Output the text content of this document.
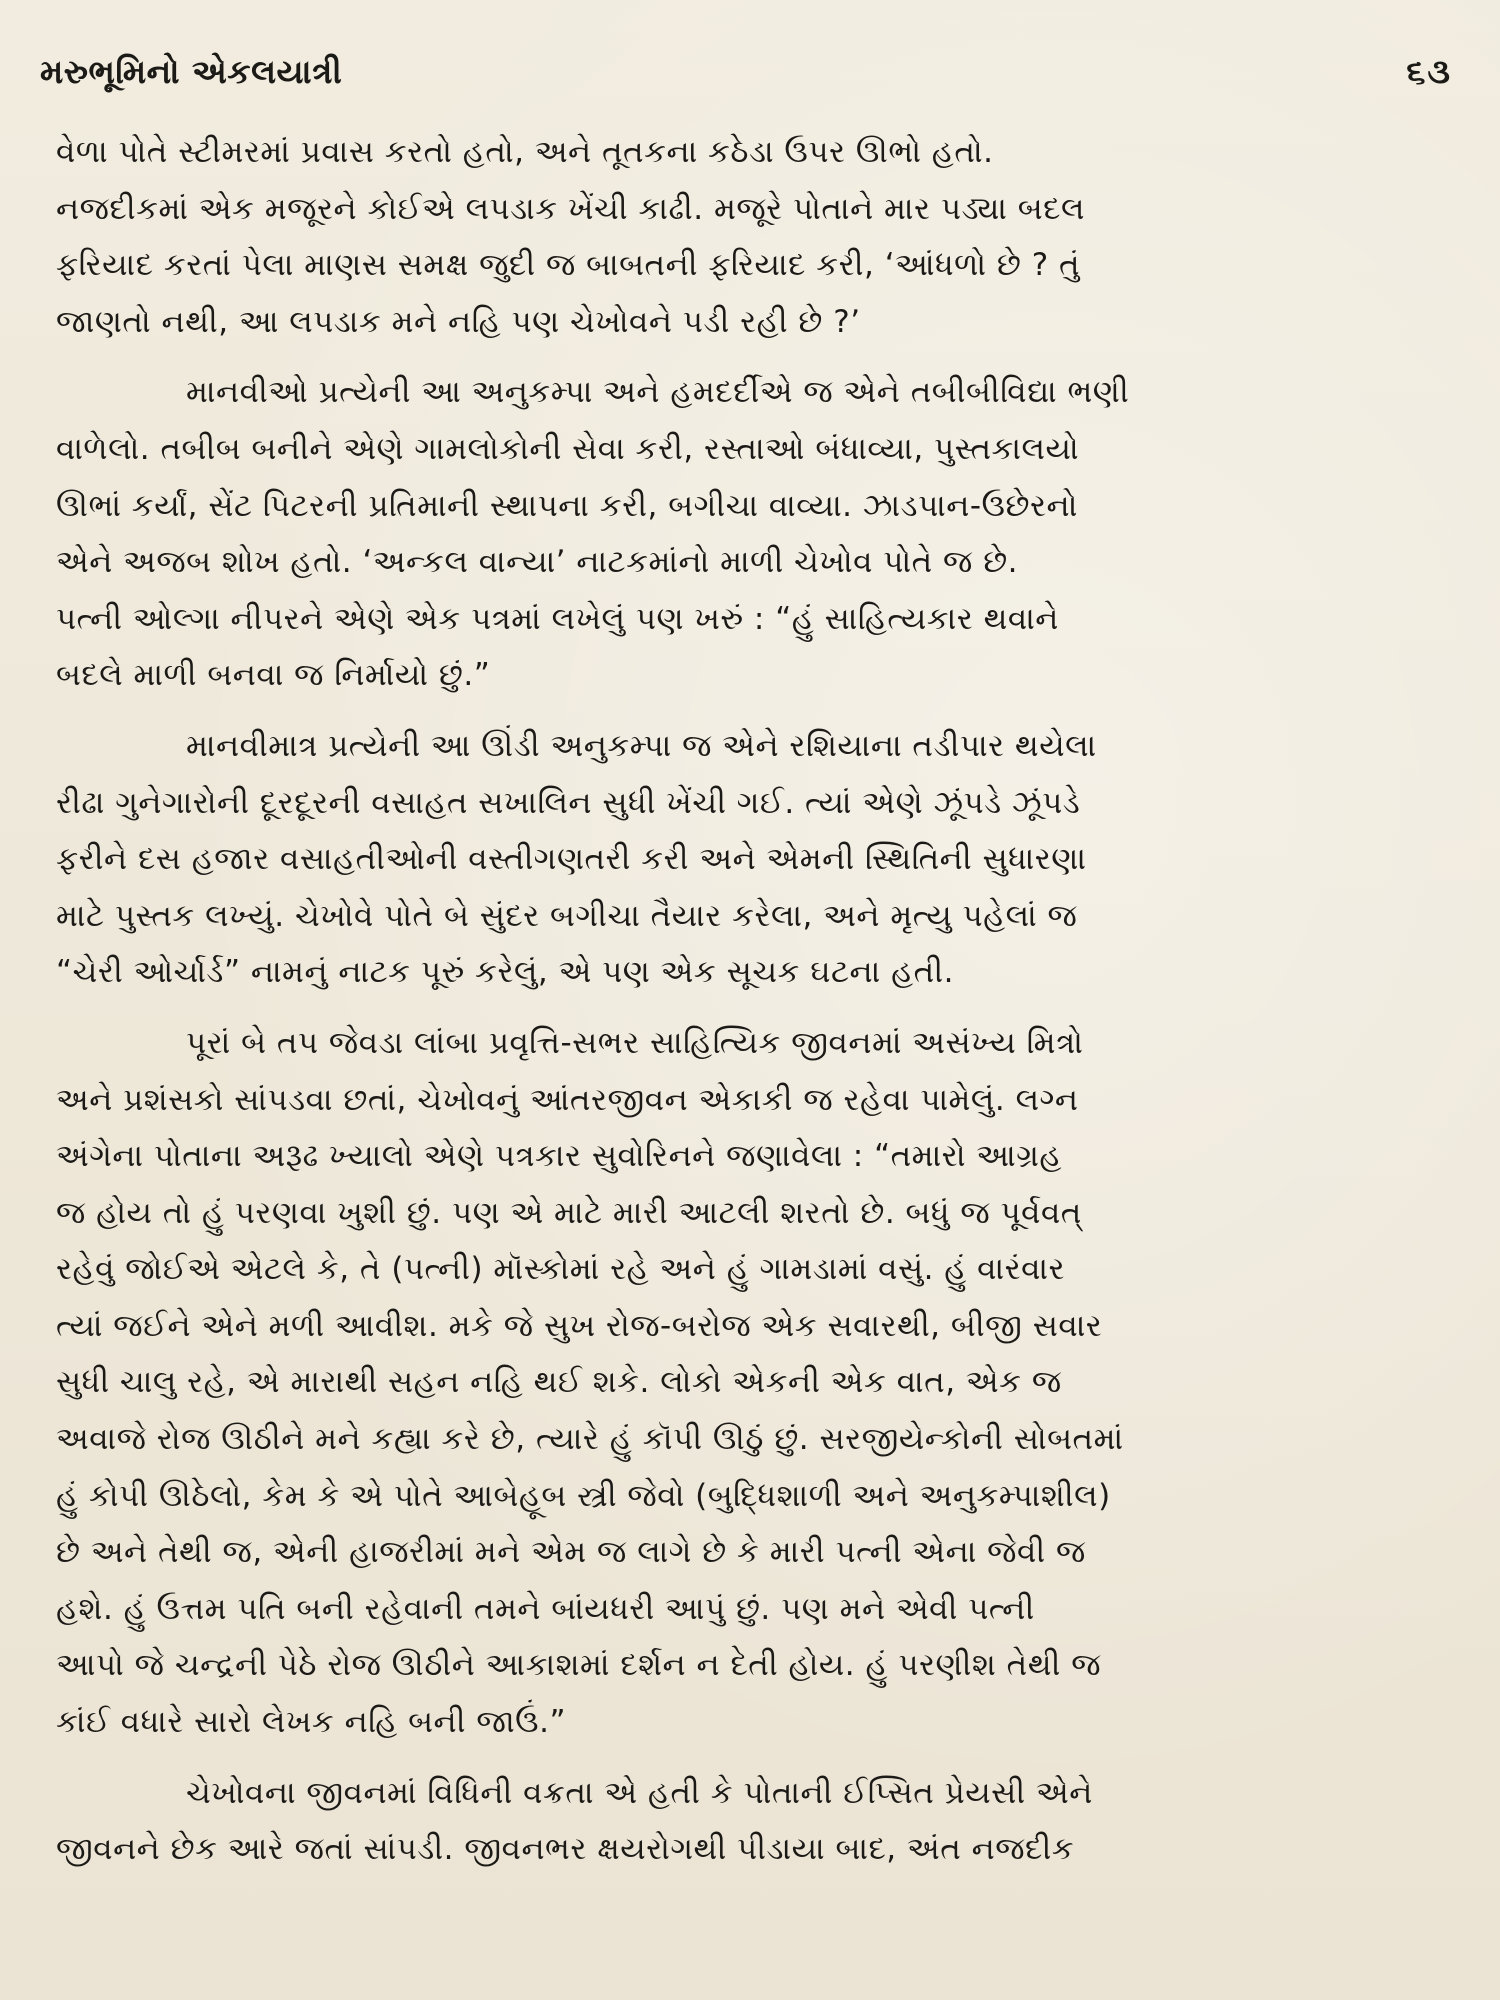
મરુભૂમિનો એકલયાત્રી	૬૩

વેળા પોતે સ્ટીમરમાં પ્રવાસ કરતો હતો, અને તૂતકના કઠેડા ઉપર ઊભો હતો.
નજદીકમાં એક મજૂરને કોઈએ લપડાક ખેંચી કાઢી. મજૂરે પોતાને માર પડ્યા બદલ
ફરિયાદ કરતાં પેલા માણસ સમક્ષ જુદી જ બાબતની ફરિયાદ કરી, ‘આંધળો છે ? તું
જાણતો નથી, આ લપડાક મને નહિ પણ ચેખોવને પડી રહી છે ?’

માનવીઓ પ્રત્યેની આ અનુકમ્પા અને હમદર્દીએ જ એને તબીબીવિદ્યા ભણી
વાળેલો. તબીબ બનીને એણે ગામલોકોની સેવા કરી, રસ્તાઓ બંધાવ્યા, પુસ્તકાલયો
ઊભાં કર્યાં, સેંટ પિટરની પ્રતિમાની સ્થાપના કરી, બગીચા વાવ્યા. ઝાડપાન-ઉછેરનો
એને અજબ શોખ હતો. ‘અન્કલ વાન્યા’ નાટકમાંનો માળી ચેખોવ પોતે જ છે.
પત્ની ઓલ્ગા નીપરને એણે એક પત્રમાં લખેલું પણ ખરું : “હું સાહિત્યકાર થવાને
બદલે માળી બનવા જ નિર્માયો છું.”

માનવીમાત્ર પ્રત્યેની આ ઊંડી અનુકમ્પા જ એને રશિયાના તડીપાર થયેલા
રીઢા ગુનેગારોની દૂરદૂરની વસાહત સખાલિન સુધી ખેંચી ગઈ. ત્યાં એણે ઝૂંપડે ઝૂંપડે
ફરીને દસ હજાર વસાહતીઓની વસ્તીગણતરી કરી અને એમની સ્થિતિની સુધારણા
માટે પુસ્તક લખ્યું. ચેખોવે પોતે બે સુંદર બગીચા તૈયાર કરેલા, અને મૃત્યુ પહેલાં જ
“ચેરી ઓર્ચાર્ડ” નામનું નાટક પૂરું કરેલું, એ પણ એક સૂચક ઘટના હતી.

પૂરાં બે તપ જેવડા લાંબા પ્રવૃત્તિ-સભર સાહિત્યિક જીવનમાં અસંખ્ય મિત્રો
અને પ્રશંસકો સાંપડવા છતાં, ચેખોવનું આંતરજીવન એકાકી જ રહેવા પામેલું. લગ્ન
અંગેના પોતાના અરૂઢ ખ્યાલો એણે પત્રકાર સુવોરિનને જણાવેલા : “તમારો આગ્રહ
જ હોય તો હું પરણવા ખુશી છું. પણ એ માટે મારી આટલી શરતો છે. બધું જ પૂર્વવત્
રહેવું જોઈએ એટલે કે, તે (પત્ની) મૉસ્કોમાં રહે અને હું ગામડામાં વસું. હું વારંવાર
ત્યાં જઈને એને મળી આવીશ. મકે જે સુખ રોજ-બરોજ એક સવારથી, બીજી સવાર
સુધી ચાલુ રહે, એ મારાથી સહન નહિ થઈ શકે. લોકો એકની એક વાત, એક જ
અવાજે રોજ ઊઠીને મને કહ્યા કરે છે, ત્યારે હું કૉપી ઊઠું છું. સરજીયેન્કોની સોબતમાં
હું કોપી ઊઠેલો, કેમ કે એ પોતે આબેહૂબ સ્ત્રી જેવો (બુદ્ધિશાળી અને અનુકમ્પાશીલ)
છે અને તેથી જ, એની હાજરીમાં મને એમ જ લાગે છે કે મારી પત્ની એના જેવી જ
હશે. હું ઉત્તમ પતિ બની રહેવાની તમને બાંયધરી આપું છું. પણ મને એવી પત્ની
આપો જે ચન્દ્રની પેઠે રોજ ઊઠીને આકાશમાં દર્શન ન દેતી હોય. હું પરણીશ તેથી જ
કાંઈ વધારે સારો લેખક નહિ બની જાઉં.”

ચેખોવના જીવનમાં વિધિની વક્રતા એ હતી કે પોતાની ઈપ્સિત પ્રેયસી એને
જીવનને છેક આરે જતાં સાંપડી. જીવનભર ક્ષયરોગથી પીડાયા બાદ, અંત નજદીક
